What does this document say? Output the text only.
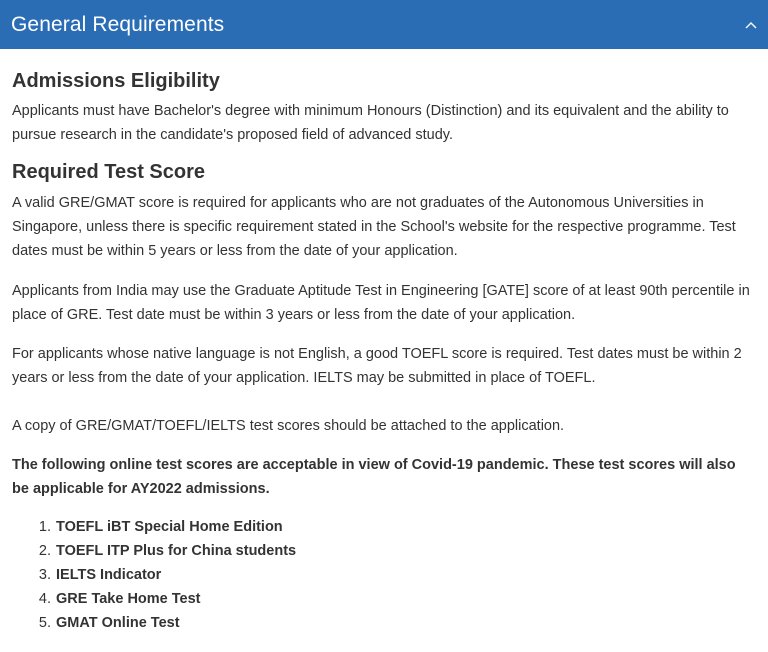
General Requirements
Admissions Eligibility

Applicants must have Bachelor's degree with minimum Honours (Distinction) and its equivalent and the ability to pursue research in the candidate's proposed field of advanced study.

Required Test Score

A valid GRE/GMAT score is required for applicants who are not graduates of the Autonomous Universities in Singapore, unless there is specific requirement stated in the School's website for the respective programme. Test dates must be within 5 years or less from the date of your application.

Applicants from India may use the Graduate Aptitude Test in Engineering [GATE] score of at least 90th percentile in place of GRE. Test date must be within 3 years or less from the date of your application.

For applicants whose native language is not English, a good TOEFL score is required. Test dates must be within 2 years or less from the date of your application. IELTS may be submitted in place of TOEFL.

A copy of GRE/GMAT/TOEFL/IELTS test scores should be attached to the application.

The following online test scores are acceptable in view of Covid-19 pandemic. These test scores will also be applicable for AY2022 admissions.

1. TOEFL iBT Special Home Edition
2. TOEFL ITP Plus for China students
3. IELTS Indicator
4. GRE Take Home Test
5. GMAT Online Test
